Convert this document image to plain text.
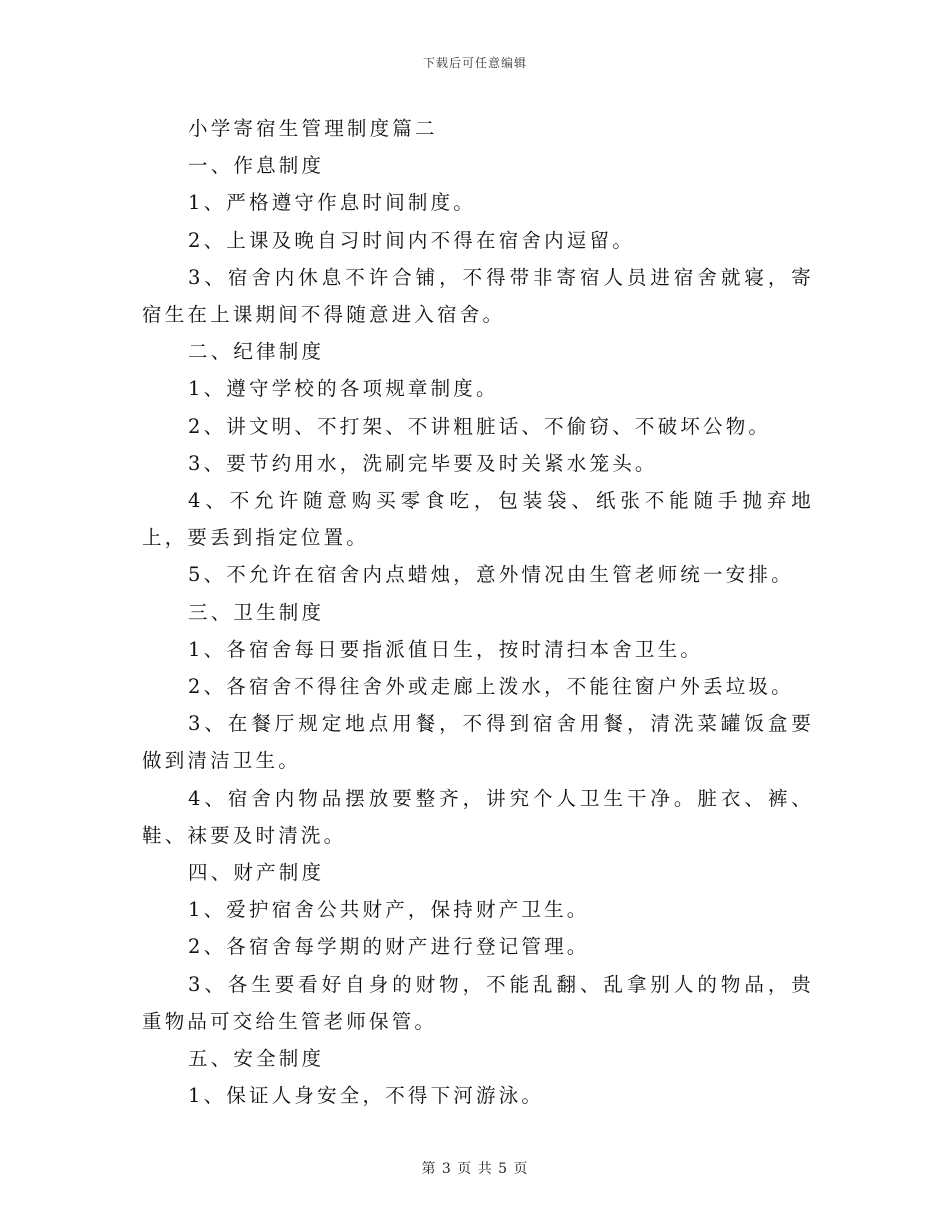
下载后可任意编辑

小学寄宿生管理制度篇二

一、作息制度

1、严格遵守作息时间制度。

2、上课及晚自习时间内不得在宿舍内逗留。

3、宿舍内休息不许合铺，不得带非寄宿人员进宿舍就寝，寄宿生在上课期间不得随意进入宿舍。

二、纪律制度

1、遵守学校的各项规章制度。

2、讲文明、不打架、不讲粗脏话、不偷窃、不破坏公物。

3、要节约用水，洗刷完毕要及时关紧水笼头。

4、不允许随意购买零食吃，包装袋、纸张不能随手抛弃地上，要丢到指定位置。

5、不允许在宿舍内点蜡烛，意外情况由生管老师统一安排。

三、卫生制度

1、各宿舍每日要指派值日生，按时清扫本舍卫生。

2、各宿舍不得往舍外或走廊上泼水，不能往窗户外丢垃圾。

3、在餐厅规定地点用餐，不得到宿舍用餐，清洗菜罐饭盒要做到清洁卫生。

4、宿舍内物品摆放要整齐，讲究个人卫生干净。脏衣、裤、鞋、袜要及时清洗。

四、财产制度

1、爱护宿舍公共财产，保持财产卫生。

2、各宿舍每学期的财产进行登记管理。

3、各生要看好自身的财物，不能乱翻、乱拿别人的物品，贵重物品可交给生管老师保管。

五、安全制度

1、保证人身安全，不得下河游泳。

第 3 页 共 5 页
